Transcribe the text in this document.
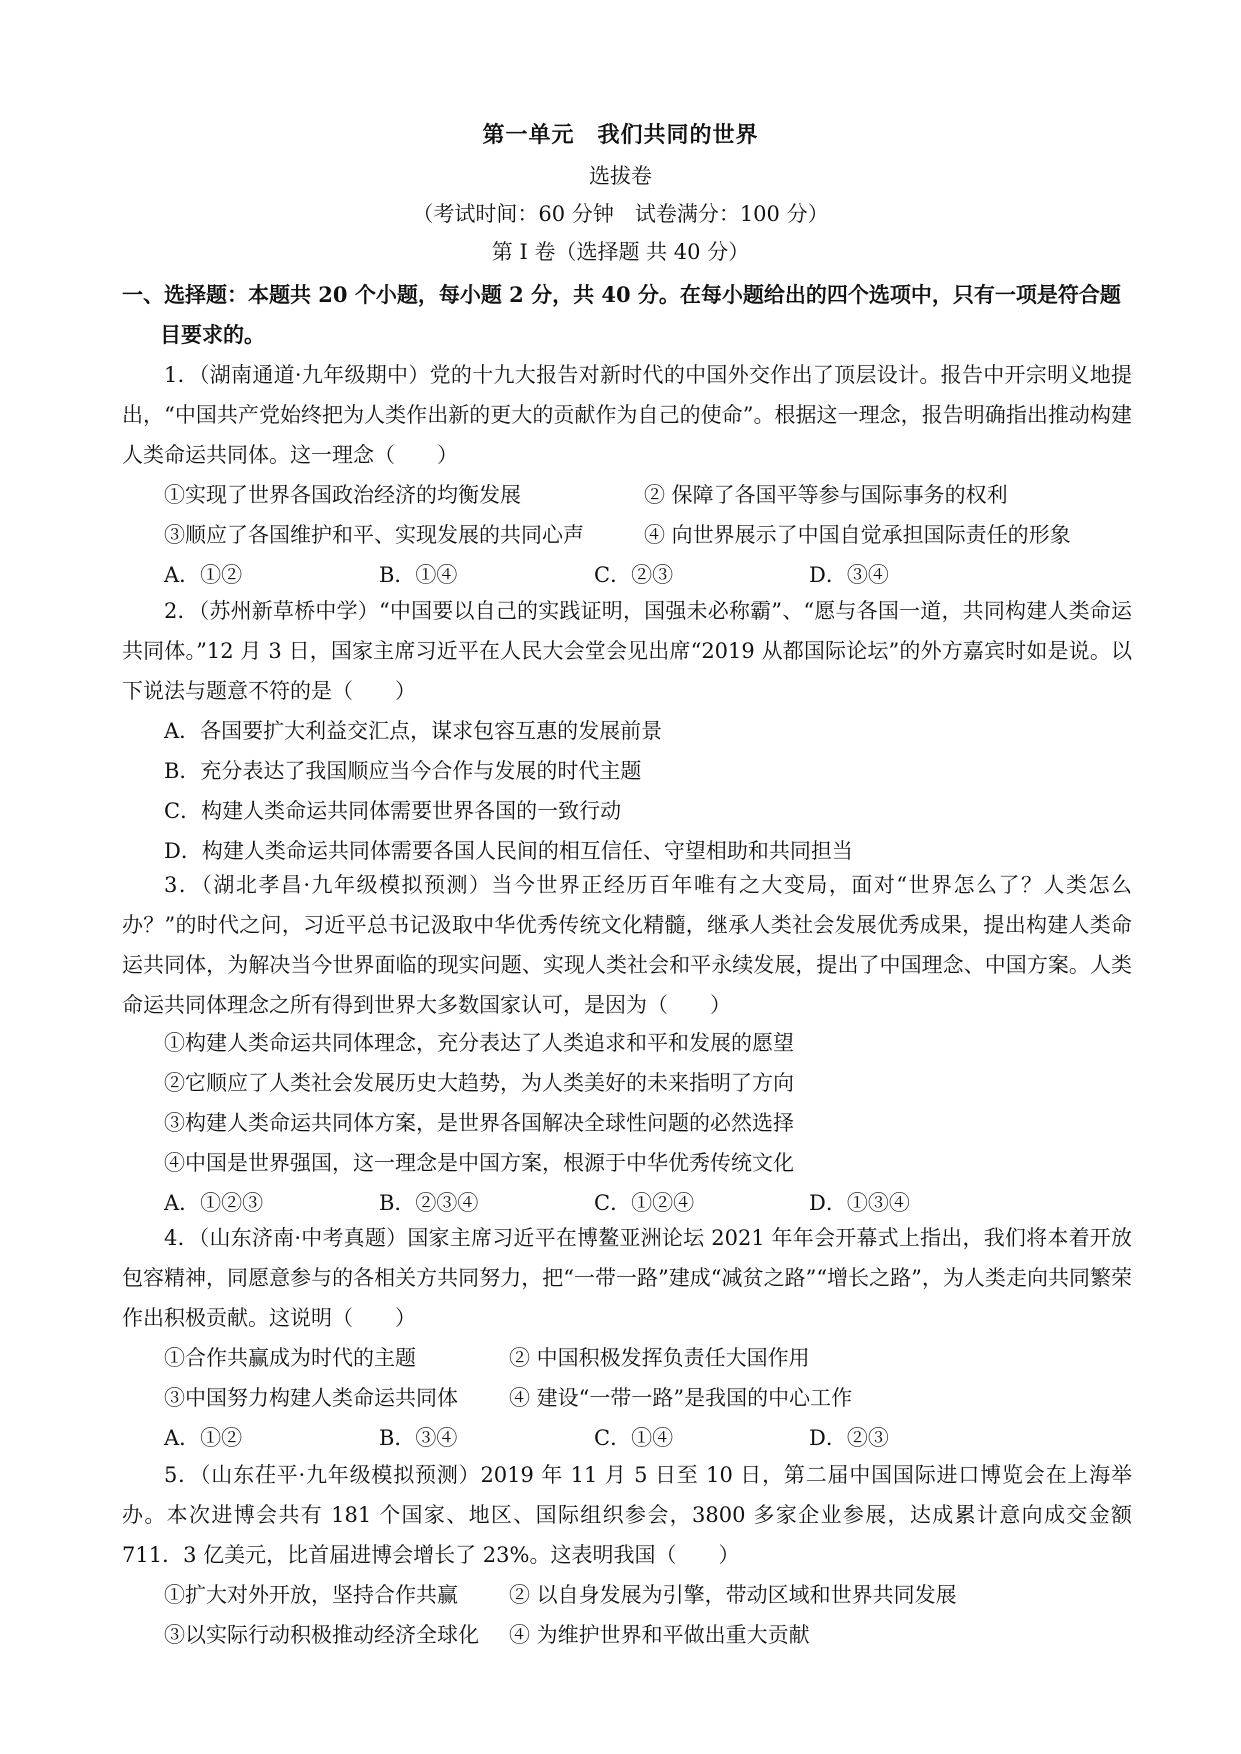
第一单元　我们共同的世界
选拔卷
（考试时间：60 分钟　试卷满分：100 分）
第 I 卷（选择题 共 40 分）
一、选择题：本题共 20 个小题，每小题 2 分，共 40 分。在每小题给出的四个选项中，只有一项是符合题
目要求的。
1．（湖南通道·九年级期中）党的十九大报告对新时代的中国外交作出了顶层设计。报告中开宗明义地提出，“中国共产党始终把为人类作出新的更大的贡献作为自己的使命”。根据这一理念，报告明确指出推动构建人类命运共同体。这一理念（　　）
①实现了世界各国政治经济的均衡发展	② 保障了各国平等参与国际事务的权利
③顺应了各国维护和平、实现发展的共同心声	④ 向世界展示了中国自觉承担国际责任的形象
A．①②	B．①④	C．②③	D．③④
2．（苏州新草桥中学）“中国要以自己的实践证明，国强未必称霸”、“愿与各国一道，共同构建人类命运共同体。”12 月 3 日，国家主席习近平在人民大会堂会见出席“2019 从都国际论坛”的外方嘉宾时如是说。以下说法与题意不符的是（　　）
A．各国要扩大利益交汇点，谋求包容互惠的发展前景
B．充分表达了我国顺应当今合作与发展的时代主题
C．构建人类命运共同体需要世界各国的一致行动
D．构建人类命运共同体需要各国人民间的相互信任、守望相助和共同担当
3．（湖北孝昌·九年级模拟预测）当今世界正经历百年唯有之大变局，面对“世界怎么了？人类怎么办？”的时代之问，习近平总书记汲取中华优秀传统文化精髓，继承人类社会发展优秀成果，提出构建人类命运共同体，为解决当今世界面临的现实问题、实现人类社会和平永续发展，提出了中国理念、中国方案。人类命运共同体理念之所有得到世界大多数国家认可，是因为（　　）
①构建人类命运共同体理念，充分表达了人类追求和平和发展的愿望
②它顺应了人类社会发展历史大趋势，为人类美好的未来指明了方向
③构建人类命运共同体方案，是世界各国解决全球性问题的必然选择
④中国是世界强国，这一理念是中国方案，根源于中华优秀传统文化
A．①②③	B．②③④	C．①②④	D．①③④
4．（山东济南·中考真题）国家主席习近平在博鳌亚洲论坛 2021 年年会开幕式上指出，我们将本着开放包容精神，同愿意参与的各相关方共同努力，把“一带一路”建成“减贫之路”“增长之路”，为人类走向共同繁荣作出积极贡献。这说明（　　）
①合作共赢成为时代的主题	② 中国积极发挥负责任大国作用
③中国努力构建人类命运共同体	④ 建设“一带一路”是我国的中心工作
A．①②	B．③④	C．①④	D．②③
5．（山东茌平·九年级模拟预测）2019 年 11 月 5 日至 10 日，第二届中国国际进口博览会在上海举办。本次进博会共有 181 个国家、地区、国际组织参会，3800 多家企业参展，达成累计意向成交金额 711．3 亿美元，比首届进博会增长了 23%。这表明我国（　　）
①扩大对外开放，坚持合作共赢	② 以自身发展为引擎，带动区域和世界共同发展
③以实际行动积极推动经济全球化	④ 为维护世界和平做出重大贡献
